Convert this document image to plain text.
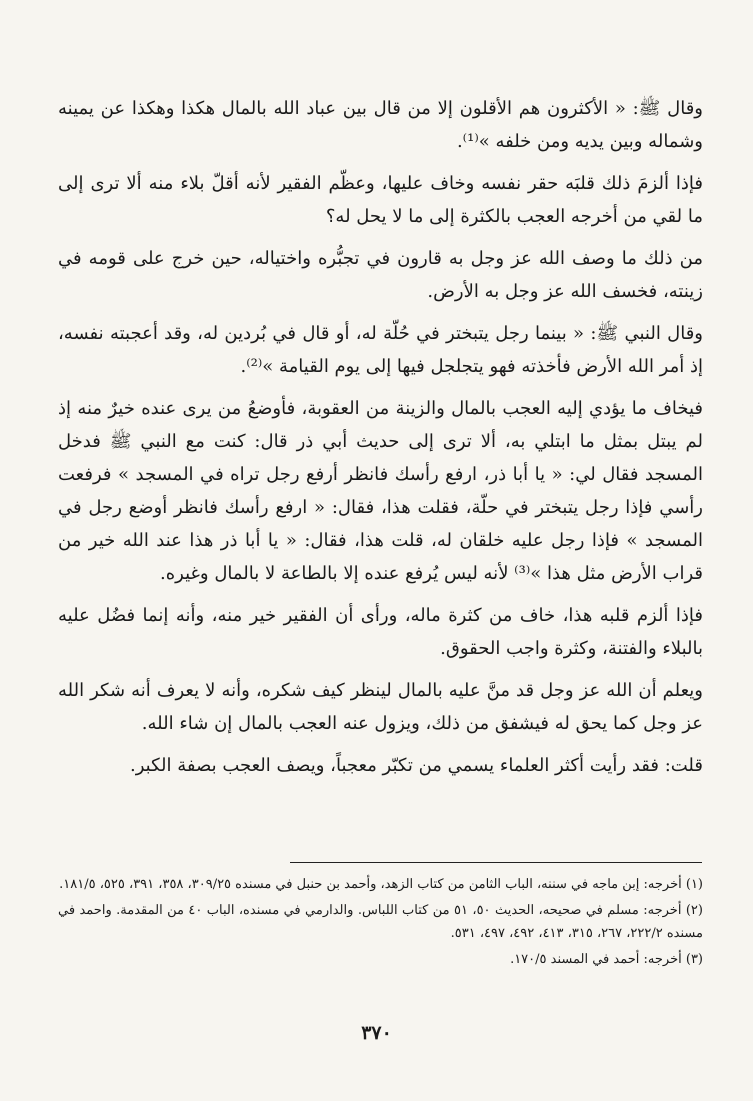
وقال ﷺ: « الأكثرون هم الأقلون إلا من قال بين عباد الله بالمال هكذا وهكذا عن يمينه وشماله وبين يديه ومن خلفه »⁽¹⁾.

فإذا ألزمَ ذلك قلبَه حقر نفسه وخاف عليها، وعظّم الفقير لأنه أقلّ بلاء منه ألا ترى إلى ما لقي من أخرجه العجب بالكثرة إلى ما لا يحل له؟

من ذلك ما وصف الله عز وجل به قارون في تجبُّره واختياله، حين خرج على قومه في زينته، فخسف الله عز وجل به الأرض.

وقال النبي ﷺ: « بينما رجل يتبختر في حُلّة له، أو قال في بُردين له، وقد أعجبته نفسه، إذ أمر الله الأرض فأخذته فهو يتجلجل فيها إلى يوم القيامة »⁽²⁾.

فيخاف ما يؤدي إليه العجب بالمال والزينة من العقوبة، فأوضعُ من يرى عنده خيرٌ منه إذ لم يبتل بمثل ما ابتلي به، ألا ترى إلى حديث أبي ذر قال: كنت مع النبي ﷺ فدخل المسجد فقال لي: « يا أبا ذر، ارفع رأسك فانظر أرفع رجل تراه في المسجد » فرفعت رأسي فإذا رجل يتبختر في حلّة، فقلت هذا، فقال: « ارفع رأسك فانظر أوضع رجل في المسجد » فإذا رجل عليه خلقان له، قلت هذا، فقال: « يا أبا ذر هذا عند الله خير من قراب الأرض مثل هذا »⁽³⁾ لأنه ليس يُرفع عنده إلا بالطاعة لا بالمال وغيره.

فإذا ألزم قلبه هذا، خاف من كثرة ماله، ورأى أن الفقير خير منه، وأنه إنما فضُل عليه بالبلاء والفتنة، وكثرة واجب الحقوق.

ويعلم أن الله عز وجل قد منَّ عليه بالمال لينظر كيف شكره، وأنه لا يعرف أنه شكر الله عز وجل كما يحق له فيشفق من ذلك، ويزول عنه العجب بالمال إن شاء الله.

قلت: فقد رأيت أكثر العلماء يسمي من تكبّر معجباً، ويصف العجب بصفة الكبر.

(١) أخرجه: إبن ماجه في سننه، الباب الثامن من كتاب الزهد، وأحمد بن حنبل في مسنده ٣٠٩/٢٥، ٣٥٨، ٣٩١، ٥٢٥، ١٨١/٥.

(٢) أخرجه: مسلم في صحيحه، الحديث ٥٠، ٥١ من كتاب اللباس. والدارمي في مسنده، الباب ٤٠ من المقدمة. واحمد في مسنده ٢٢٢/٢، ٢٦٧، ٣١٥، ٤١٣، ٤٩٢، ٤٩٧، ٥٣١.

(٣) أخرجه: أحمد في المسند ١٧٠/٥.

٣٧٠
